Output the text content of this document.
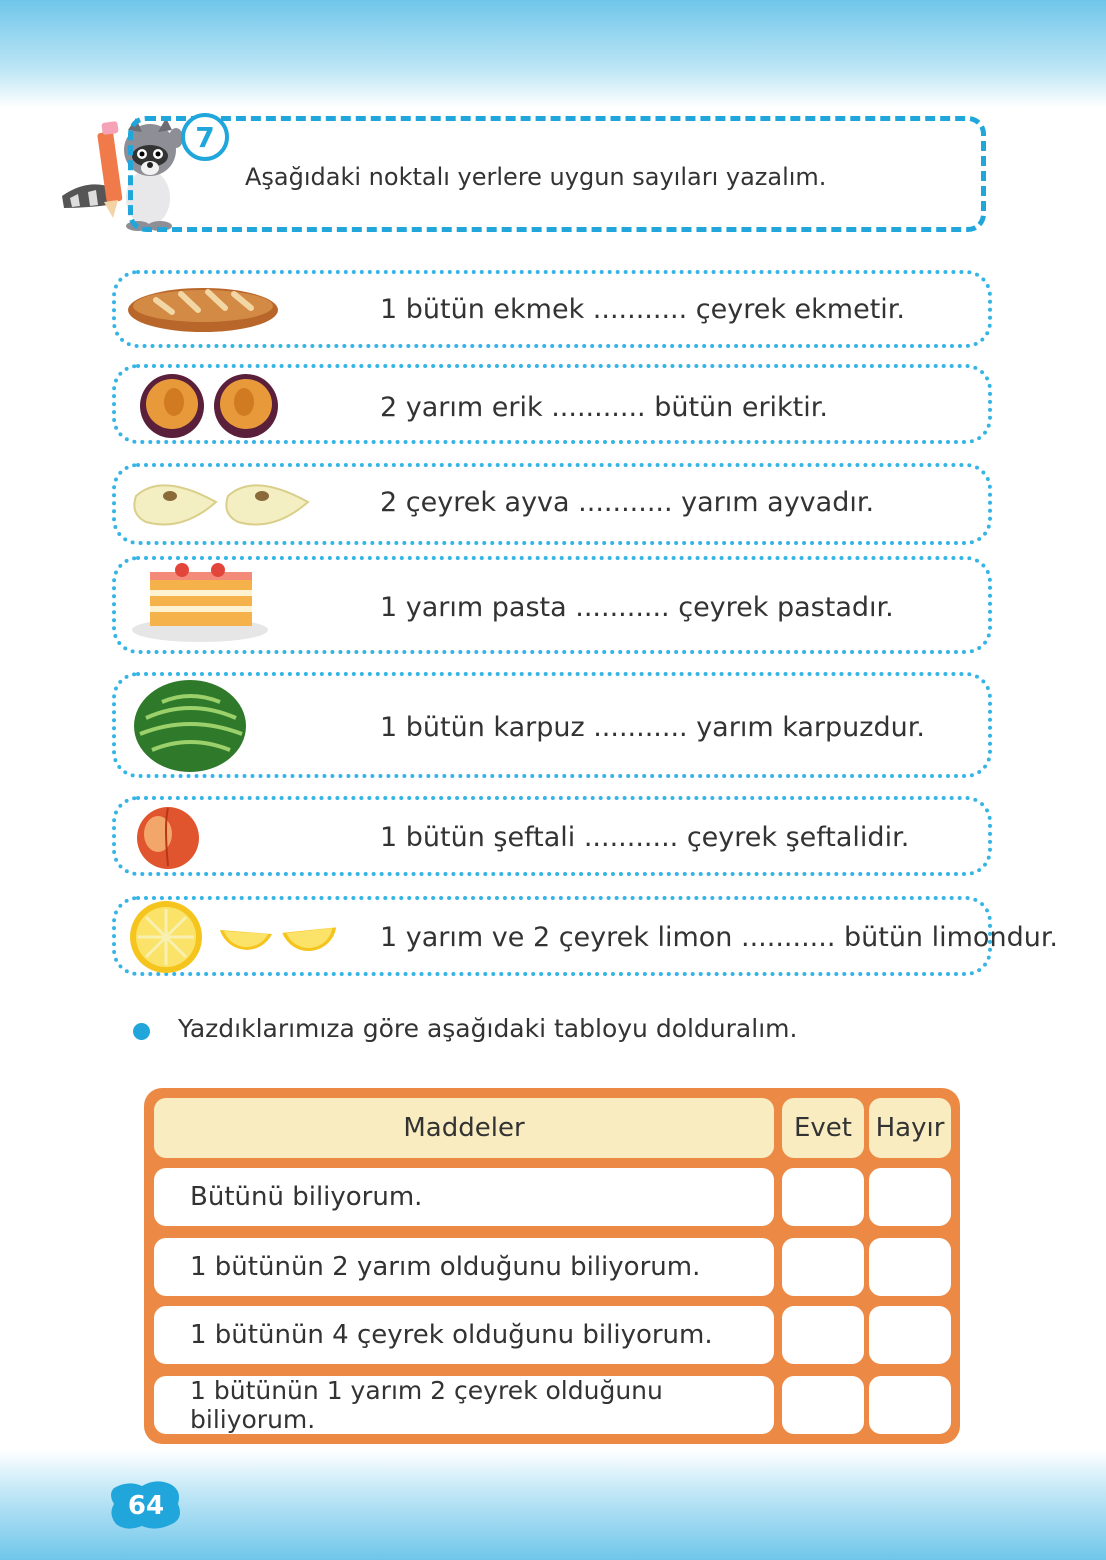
7
Aşağıdaki noktalı yerlere uygun sayıları yazalım.
1 bütün ekmek ........... çeyrek ekmetir.
2 yarım erik ........... bütün eriktir.
2 çeyrek ayva ........... yarım ayvadır.
1 yarım pasta ........... çeyrek pastadır.
1 bütün karpuz ........... yarım karpuzdur.
1 bütün şeftali ........... çeyrek şeftalidir.
1 yarım ve 2 çeyrek limon ........... bütün limondur.
Yazdıklarımıza göre aşağıdaki tabloyu dolduralım.
Maddeler	Evet Hayır
Bütünü biliyorum.
1 bütünün 2 yarım olduğunu biliyorum.
1 bütünün 4 çeyrek olduğunu biliyorum.
1 bütünün 1 yarım 2 çeyrek olduğunu biliyorum.
64
